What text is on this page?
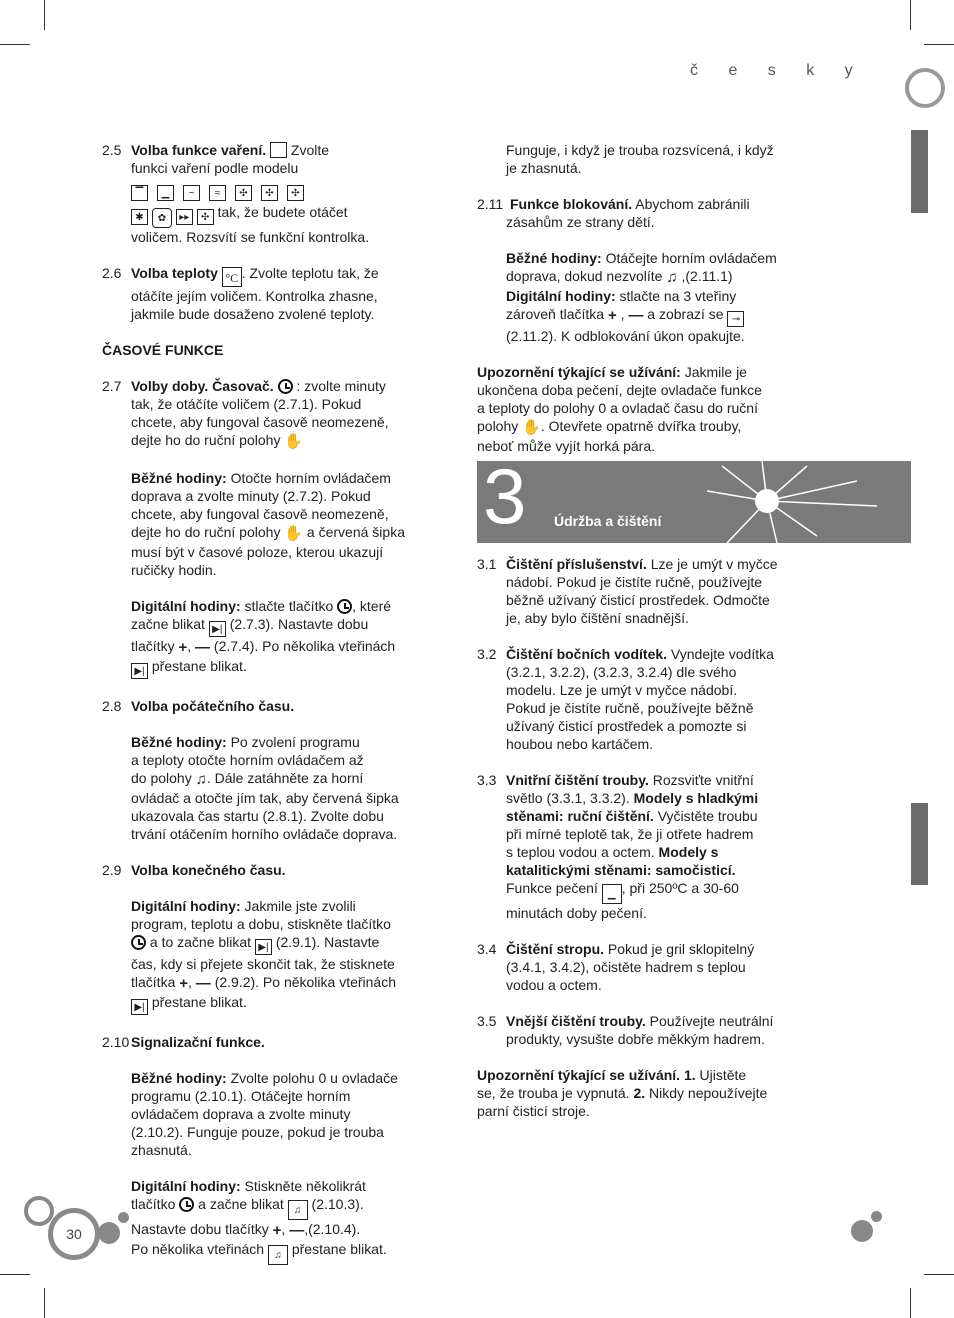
č e s k y
2.5 Volba funkce vaření. Zvolte

funkci vaření podle modelu

▔ ▁ ~ ≈ ✣ ✣ ✣

✱ ✿ ▸▸ ✣ tak, že budete otáčet

voličem. Rozsvítí se funkční kontrolka.

2.6 Volba teploty °C . Zvolte teplotu tak, že

otáčíte jejím voličem. Kontrolka zhasne,

jakmile bude dosaženo zvolené teploty.

ČASOVÉ FUNKCE

2.7 Volby doby. Časovač. : zvolte minuty

tak, že otáčíte voličem (2.7.1). Pokud

chcete, aby fungoval časově neomezeně,

dejte ho do ruční polohy ✋

Běžné hodiny: Otočte horním ovládačem

doprava a zvolte minuty (2.7.2). Pokud

chcete, aby fungoval časově neomezeně,

dejte ho do ruční polohy ✋ a červená šipka

musí být v časové poloze, kterou ukazují

ručičky hodin.

Digitální hodiny: stlačte tlačítko , které

začne blikat ▶| (2.7.3). Nastavte dobu

tlačítky +, — (2.7.4). Po několika vteřinách

▶| přestane blikat.

2.8 Volba počátečního času.

Běžné hodiny: Po zvolení programu

a teploty otočte horním ovládačem až

do polohy ♫. Dále zatáhněte za horní

ovládač a otočte jím tak, aby červená šipka

ukazovala čas startu (2.8.1). Zvolte dobu

trvání otáčením horního ovládače doprava.

2.9 Volba konečného času.

Digitální hodiny: Jakmile jste zvolili

program, teplotu a dobu, stiskněte tlačítko

a to začne blikat ▶| (2.9.1). Nastavte

čas, kdy si přejete skončit tak, že stisknete

tlačítka +, — (2.9.2). Po několika vteřinách

▶| přestane blikat.

2.10 Signalizační funkce.

Běžné hodiny: Zvolte polohu 0 u ovladače

programu (2.10.1). Otáčejte horním

ovládačem doprava a zvolte minuty

(2.10.2). Funguje pouze, pokud je trouba

zhasnutá.

Digitální hodiny: Stiskněte několikrát

tlačítko a začne blikat ♫ (2.10.3).

Nastavte dobu tlačítky +, —,(2.10.4).

Po několika vteřinách ♫ přestane blikat.

Funguje, i když je trouba rozsvícená, i když

je zhasnutá.

2.11 Funkce blokování. Abychom zabránili

zásahům ze strany dětí.

Běžné hodiny: Otáčejte horním ovládačem

doprava, dokud nezvolíte ♫ ,(2.11.1)

Digitální hodiny: stlačte na 3 vteřiny

zároveň tlačítka + , — a zobrazí se ⊸

(2.11.2). K odblokování úkon opakujte.

Upozornění týkající se užívání: Jakmile je

ukončena doba pečení, dejte ovladače funkce

a teploty do polohy 0 a ovladač času do ruční

polohy ✋. Otevřete opatrně dvířka trouby,

neboť může vyjít horká pára.

3 Údržba a čištění
3.1 Čištění příslušenství. Lze je umýt v myčce

nádobí. Pokud je čistíte ručně, používejte

běžně užívaný čisticí prostředek. Odmočte

je, aby bylo čištění snadnější.

3.2 Čištění bočních vodítek. Vyndejte vodítka

(3.2.1, 3.2.2), (3.2.3, 3.2.4) dle svého

modelu. Lze je umýt v myčce nádobí.

Pokud je čistíte ručně, používejte běžně

užívaný čisticí prostředek a pomozte si

houbou nebo kartáčem.

3.3 Vnitřní čištění trouby. Rozsviťte vnitřní

světlo (3.3.1, 3.3.2). Modely s hladkými

stěnami: ruční čištění. Vyčistěte troubu

při mírné teplotě tak, že ji otřete hadrem

s teplou vodou a octem. Modely s

katalitickými stěnami: samočisticí.

Funkce pečení ▁ , při 250ºC a 30-60

minutách doby pečení.

3.4 Čištění stropu. Pokud je gril sklopitelný

(3.4.1, 3.4.2), očistěte hadrem s teplou

vodou a octem.

3.5 Vnější čištění trouby. Používejte neutrální

produkty, vysušte dobře měkkým hadrem.

Upozornění týkající se užívání. 1. Ujistěte

se, že trouba je vypnutá. 2. Nikdy nepoužívejte

parní čisticí stroje.

30
